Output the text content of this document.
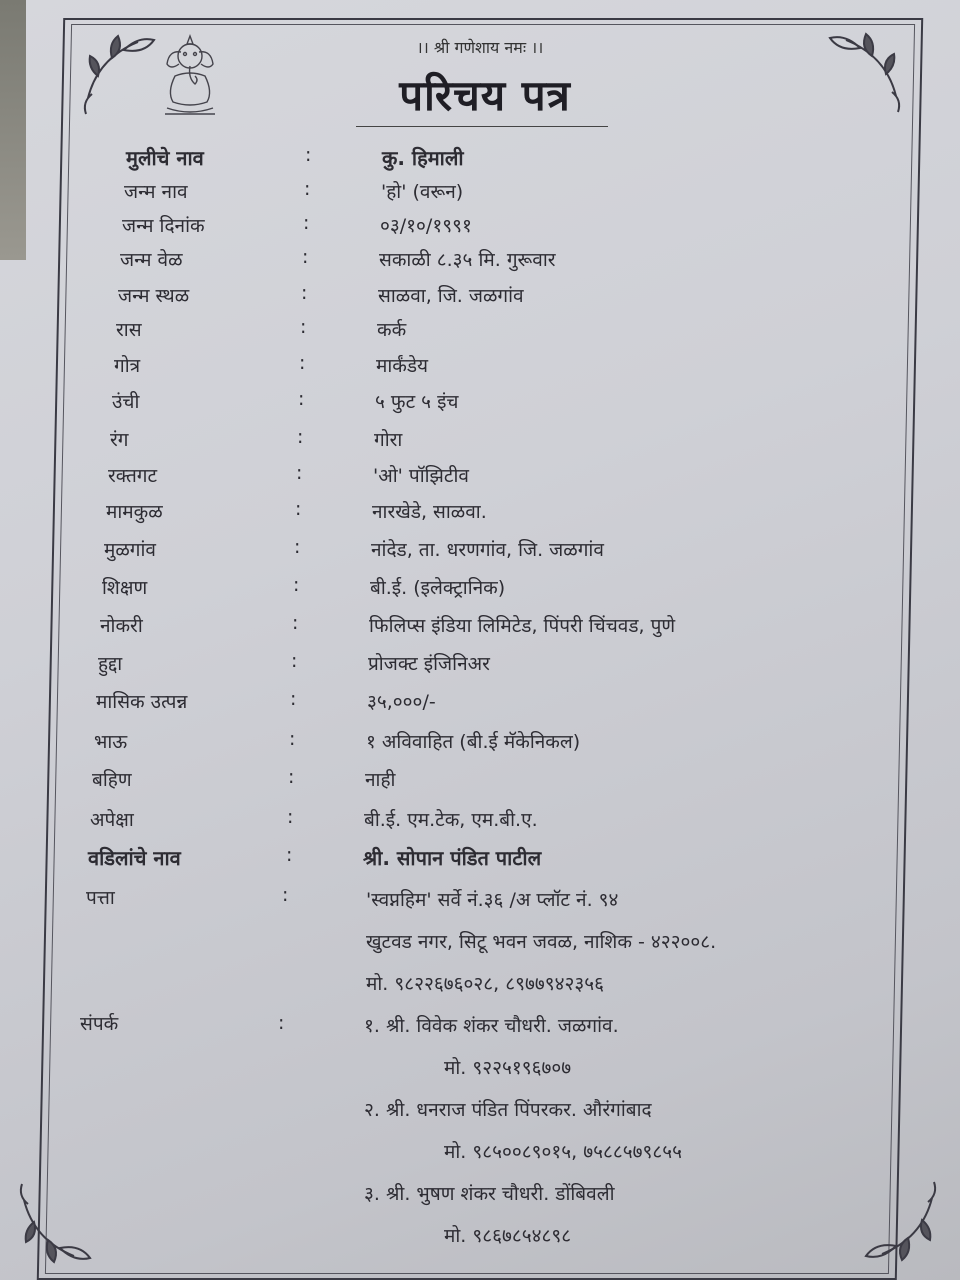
।। श्री गणेशाय नमः ।।
परिचय पत्र
मुलीचे नाव	:	कु. हिमाली
जन्म नाव	:	'हो' (वरून)
जन्म दिनांक	:	०३/१०/१९९१
जन्म वेळ	:	सकाळी ८.३५ मि. गुरूवार
जन्म स्थळ	:	साळवा, जि. जळगांव
रास	:	कर्क
गोत्र	:	मार्कंडेय
उंची	:	५ फुट ५ इंच
रंग	:	गोरा
रक्तगट	:	'ओ' पॉझिटीव
मामकुळ	:	नारखेडे, साळवा.
मुळगांव	:	नांदेड, ता. धरणगांव, जि. जळगांव
शिक्षण	:	बी.ई. (इलेक्ट्रानिक)
नोकरी	:	फिलिप्स इंडिया लिमिटेड, पिंपरी चिंचवड, पुणे
हुद्दा	:	प्रोजक्ट इंजिनिअर
मासिक उत्पन्न	:	३५,०००/-
भाऊ	:	१ अविवाहित (बी.ई मॅकेनिकल)
बहिण	:	नाही
अपेक्षा	:	बी.ई. एम.टेक, एम.बी.ए.
वडिलांचे नाव	:	श्री. सोपान पंडित पाटील
पत्ता	:	'स्वप्नहिम' सर्वे नं.३६ /अ प्लॉट नं. ९४
खुटवड नगर, सिटू भवन जवळ, नाशिक - ४२२००८.
मो. ९८२२६७६०२८, ८९७७९४२३५६
संपर्क	:	१. श्री. विवेक शंकर चौधरी. जळगांव.
मो. ९२२५१९६७०७
२. श्री. धनराज पंडित पिंपरकर. औरंगांबाद
मो. ९८५००८९०१५, ७५८८५७९८५५
३. श्री. भुषण शंकर चौधरी. डोंबिवली
मो. ९८६७८५४८९८
